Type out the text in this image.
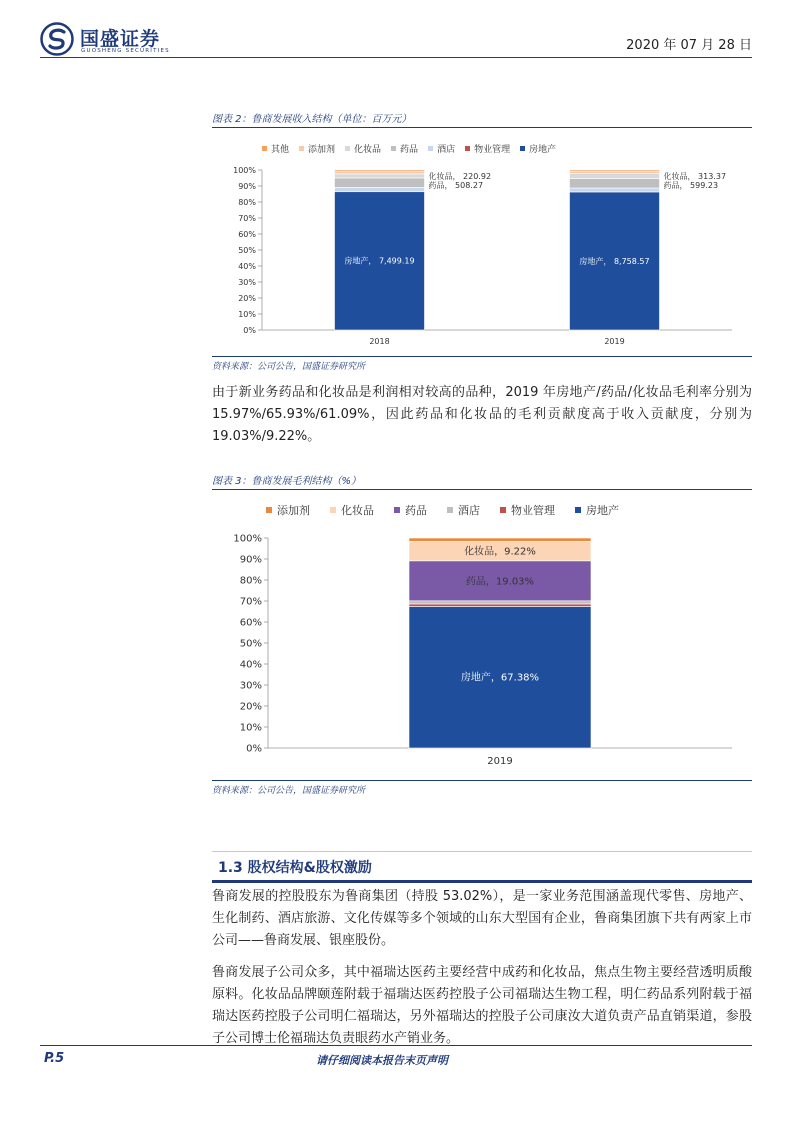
国盛证券
GUOSHENG SECURITIES	2020 年 07 月 28 日
图表 2：鲁商发展收入结构（单位：百万元）
其他 添加剂 化妆品 药品 酒店 物业管理 房地产
0%
10%
20%
30%
40%
50%
60%
70%
80%
90%
100%
2018	2019
化妆品， 220.92
药品， 508.27
房地产， 7,499.19
化妆品， 313.37
药品， 599.23
房地产， 8,758.57
资料来源：公司公告，国盛证券研究所
由于新业务药品和化妆品是利润相对较高的品种，2019 年房地产/药品/化妆品毛利率分别为 15.97%/65.93%/61.09%，因此药品和化妆品的毛利贡献度高于收入贡献度，分别为 19.03%/9.22%。
图表 3：鲁商发展毛利结构（%）
添加剂	化妆品	药品	酒店	物业管理	房地产
0%
10%
20%
30%
40%
50%
60%
70%
80%
90%
100%
2019
化妆品，9.22%
药品，19.03%
房地产，67.38%
资料来源：公司公告，国盛证券研究所
1.3 股权结构&股权激励
鲁商发展的控股股东为鲁商集团（持股 53.02%），是一家业务范围涵盖现代零售、房地产、生化制药、酒店旅游、文化传媒等多个领域的山东大型国有企业，鲁商集团旗下共有两家上市公司——鲁商发展、银座股份。
鲁商发展子公司众多，其中福瑞达医药主要经营中成药和化妆品，焦点生物主要经营透明质酸原料。化妆品品牌颐莲附载于福瑞达医药控股子公司福瑞达生物工程，明仁药品系列附载于福瑞达医药控股子公司明仁福瑞达，另外福瑞达的控股子公司康汝大道负责产品直销渠道，参股子公司博士伦福瑞达负责眼药水产销业务。
P.5	请仔细阅读本报告末页声明
